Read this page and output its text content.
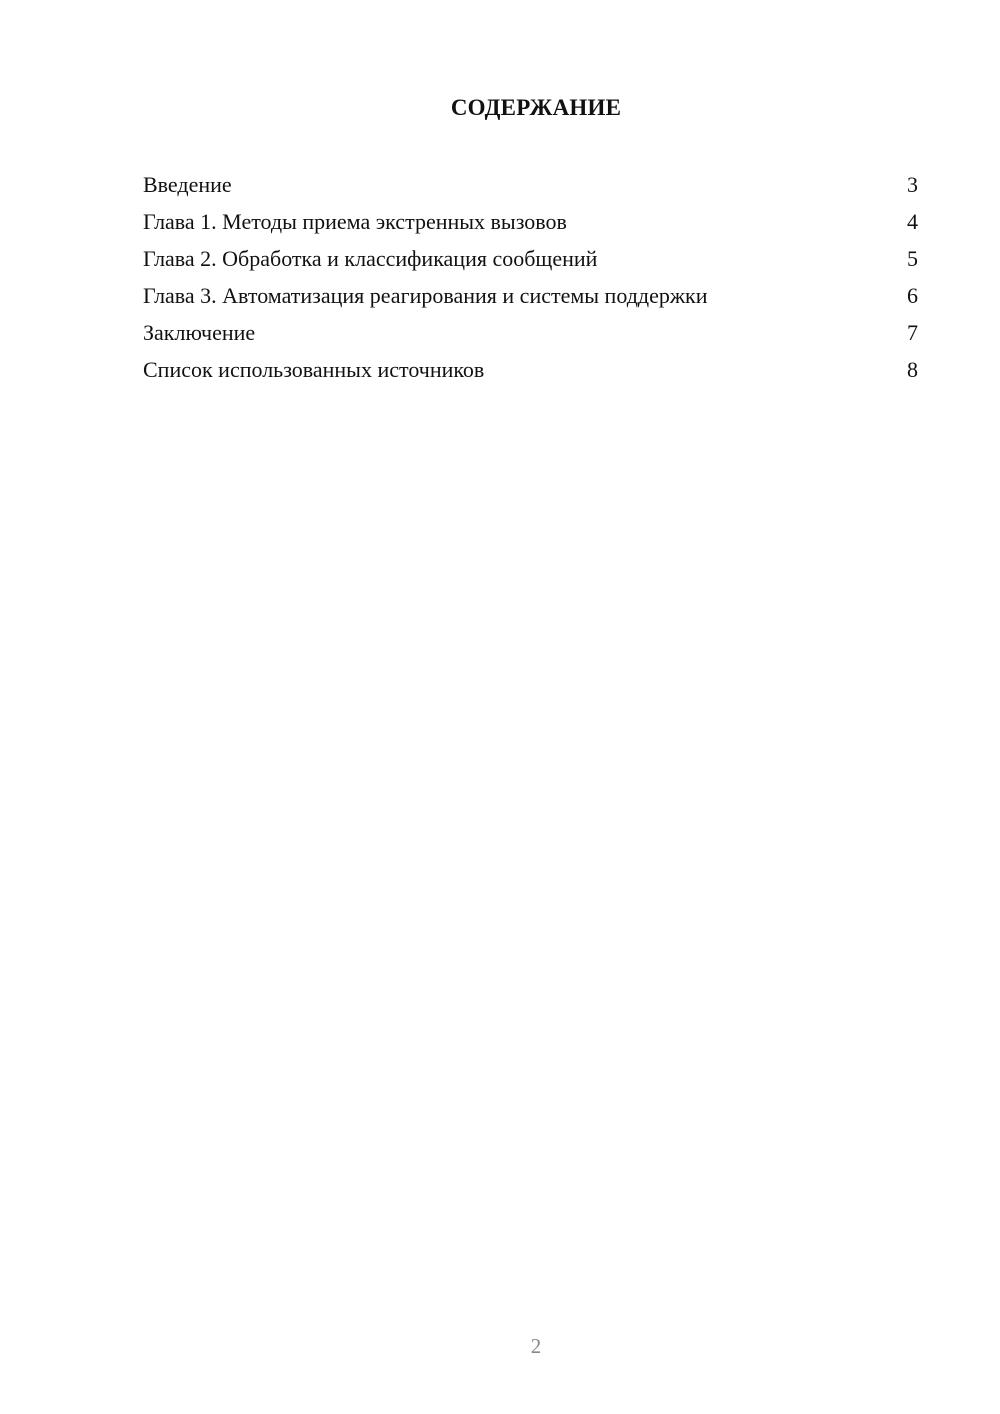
СОДЕРЖАНИЕ
Введение	3
Глава 1. Методы приема экстренных вызовов	4
Глава 2. Обработка и классификация сообщений	5
Глава 3. Автоматизация реагирования и системы поддержки	6
Заключение	7
Список использованных источников	8
2
